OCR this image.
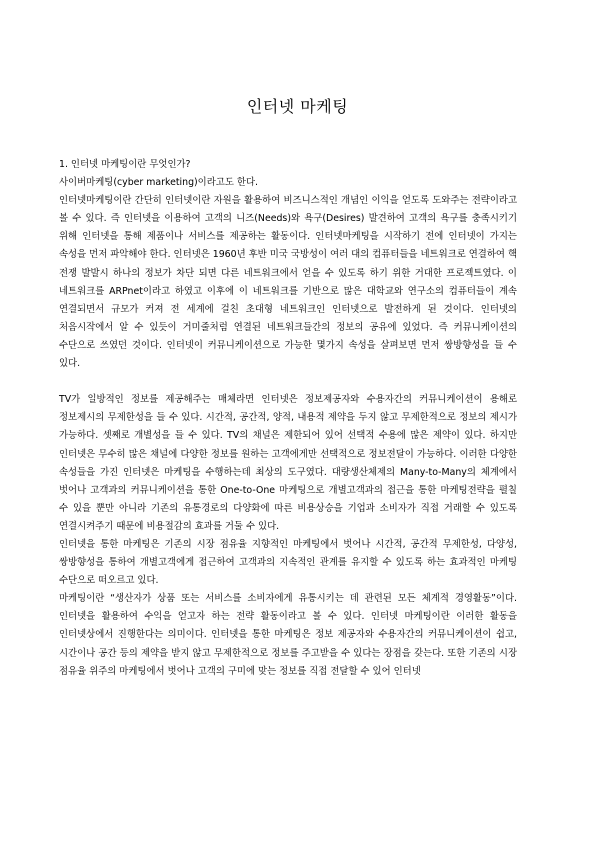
인터넷 마케팅

1. 인터넷 마케팅이란 무엇인가?

사이버마케팅(cyber marketing)이라고도 한다.

인터넷마케팅이란 간단히 인터넷이란 자원을 활용하여 비즈니스적인 개념인 이익을 얻도록 도와주는 전략이라고 볼 수 있다. 즉 인터넷을 이용하여 고객의 니즈(Needs)와 욕구(Desires) 발견하여 고객의 욕구를 충족시키기 위해 인터넷을 통해 제품이나 서비스를 제공하는 활동이다. 인터넷마케팅을 시작하기 전에 인터넷이 가지는 속성을 먼저 파악해야 한다. 인터넷은 1960년 후반 미국 국방성이 여러 대의 컴퓨터들을 네트워크로 연결하여 핵 전쟁 발발시 하나의 정보가 차단 되면 다른 네트워크에서 얻을 수 있도록 하기 위한 거대한 프로젝트였다. 이 네트워크를 ARPnet이라고 하였고 이후에 이 네트워크를 기반으로 많은 대학교와 연구소의 컴퓨터들이 계속 연결되면서 규모가 커져 전 세계에 걸친 초대형 네트워크인 인터넷으로 발전하게 된 것이다. 인터넷의 처음시작에서 알 수 있듯이 거미줄처럼 연결된 네트워크들간의 정보의 공유에 있었다. 즉 커뮤니케이션의 수단으로 쓰였던 것이다. 인터넷이 커뮤니케이션으로 가능한 몇가지 속성을 살펴보면 먼저 쌍방향성을 들 수 있다.

TV가 일방적인 정보를 제공해주는 매체라면 인터넷은 정보제공자와 수용자간의 커뮤니케이션이 용해로 정보제시의 무제한성을 들 수 있다. 시간적, 공간적, 양적, 내용적 제약을 두지 않고 무제한적으로 정보의 제시가 가능하다. 셋째로 개별성을 들 수 있다. TV의 채널은 제한되어 있어 선택적 수용에 많은 제약이 있다. 하지만 인터넷은 무수히 많은 채널에 다양한 정보를 원하는 고객에게만 선택적으로 정보전달이 가능하다. 이러한 다양한 속성들을 가진 인터넷은 마케팅을 수행하는데 최상의 도구였다. 대량생산체제의 Many-to-Many의 체계에서 벗어나 고객과의 커뮤니케이션을 통한 One-to-One 마케팅으로 개별고객과의 접근을 통한 마케팅전략을 펼칠 수 있을 뿐만 아니라 기존의 유통경로의 다양화에 따른 비용상승을 기업과 소비자가 직접 거래할 수 있도록 연결시켜주기 때문에 비용절감의 효과를 거둘 수 있다.

인터넷을 통한 마케팅은 기존의 시장 점유율 지향적인 마케팅에서 벗어나 시간적, 공간적 무제한성, 다양성, 쌍방향성을 통하여 개별고객에게 접근하여 고객과의 지속적인 관계를 유지할 수 있도록 하는 효과적인 마케팅 수단으로 떠오르고 있다.

마케팅이란 “생산자가 상품 또는 서비스를 소비자에게 유통시키는 데 관련된 모든 체계적 경영활동”이다. 인터넷을 활용하여 수익을 얻고자 하는 전략 활동이라고 볼 수 있다. 인터넷 마케팅이란 이러한 활동을 인터넷상에서 진행한다는 의미이다. 인터넷을 통한 마케팅은 정보 제공자와 수용자간의 커뮤니케이션이 쉽고, 시간이나 공간 등의 제약을 받지 않고 무제한적으로 정보를 주고받을 수 있다는 장점을 갖는다. 또한 기존의 시장 점유율 위주의 마케팅에서 벗어나 고객의 구미에 맞는 정보를 직접 전달할 수 있어 인터넷
